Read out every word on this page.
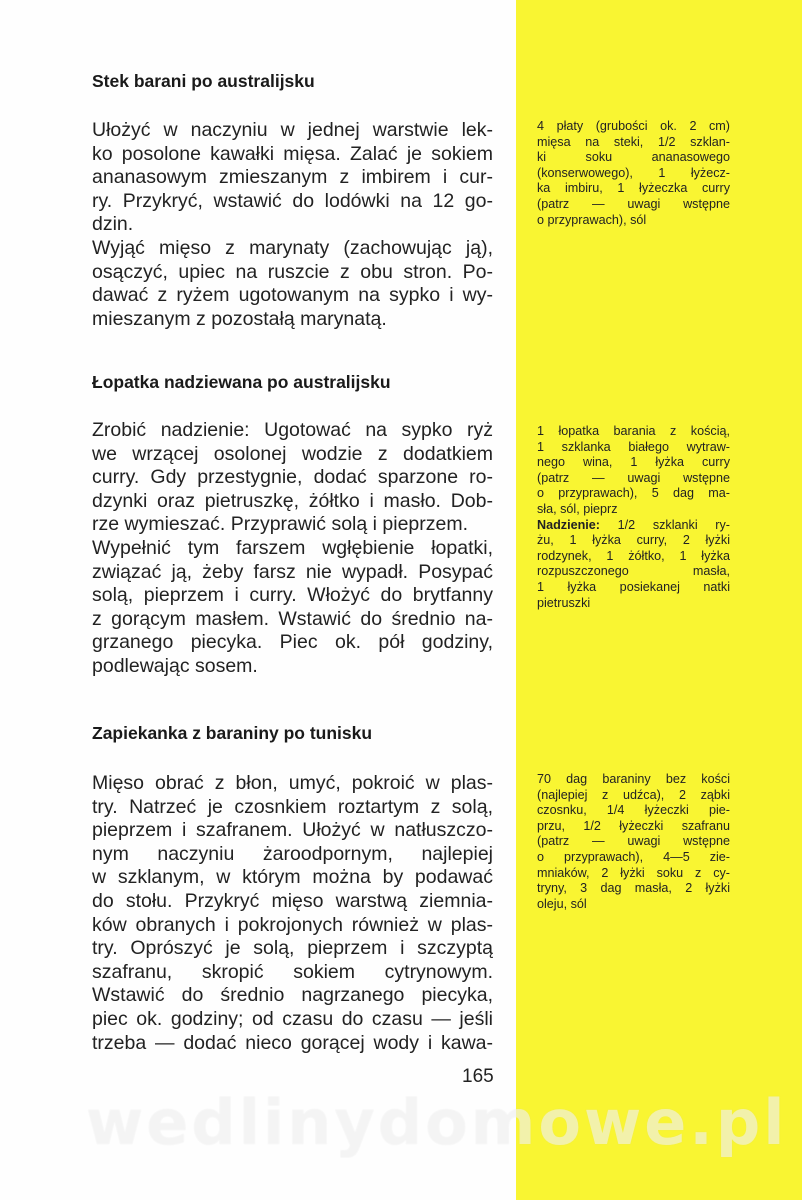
Stek barani po australijsku
Ułożyć w naczyniu w jednej warstwie lek-
ko posolone kawałki mięsa. Zalać je sokiem
ananasowym zmieszanym z imbirem i cur-
ry. Przykryć, wstawić do lodówki na 12 go-
dzin.
Wyjąć mięso z marynaty (zachowując ją),
osączyć, upiec na ruszcie z obu stron. Po-
dawać z ryżem ugotowanym na sypko i wy-
mieszanym z pozostałą marynatą.
4 płaty (grubości ok. 2 cm)
mięsa na steki, 1/2 szklan-
ki soku ananasowego
(konserwowego), 1 łyżecz-
ka imbiru, 1 łyżeczka curry
(patrz — uwagi wstępne
o przyprawach), sól
Łopatka nadziewana po australijsku
Zrobić nadzienie: Ugotować na sypko ryż
we wrzącej osolonej wodzie z dodatkiem
curry. Gdy przestygnie, dodać sparzone ro-
dzynki oraz pietruszkę, żółtko i masło. Dob-
rze wymieszać. Przyprawić solą i pieprzem.
Wypełnić tym farszem wgłębienie łopatki,
związać ją, żeby farsz nie wypadł. Posypać
solą, pieprzem i curry. Włożyć do brytfanny
z gorącym masłem. Wstawić do średnio na-
grzanego piecyka. Piec ok. pół godziny,
podlewając sosem.
1 łopatka barania z kością,
1 szklanka białego wytraw-
nego wina, 1 łyżka curry
(patrz — uwagi wstępne
o przyprawach), 5 dag ma-
sła, sól, pieprz
Nadzienie: 1/2 szklanki ry-
żu, 1 łyżka curry, 2 łyżki
rodzynek, 1 żółtko, 1 łyżka
rozpuszczonego masła,
1 łyżka posiekanej natki
pietruszki
Zapiekanka z baraniny po tunisku
Mięso obrać z błon, umyć, pokroić w plas-
try. Natrzeć je czosnkiem roztartym z solą,
pieprzem i szafranem. Ułożyć w natłuszczo-
nym naczyniu żaroodpornym, najlepiej
w szklanym, w którym można by podawać
do stołu. Przykryć mięso warstwą ziemnia-
ków obranych i pokrojonych również w plas-
try. Oprószyć je solą, pieprzem i szczyptą
szafranu, skropić sokiem cytrynowym.
Wstawić do średnio nagrzanego piecyka,
piec ok. godziny; od czasu do czasu — jeśli
trzeba — dodać nieco gorącej wody i kawa-
70 dag baraniny bez kości
(najlepiej z udźca), 2 ząbki
czosnku, 1/4 łyżeczki pie-
przu, 1/2 łyżeczki szafranu
(patrz — uwagi wstępne
o przyprawach), 4—5 zie-
mniaków, 2 łyżki soku z cy-
tryny, 3 dag masła, 2 łyżki
oleju, sól
165
wedlinydomowe.pl
